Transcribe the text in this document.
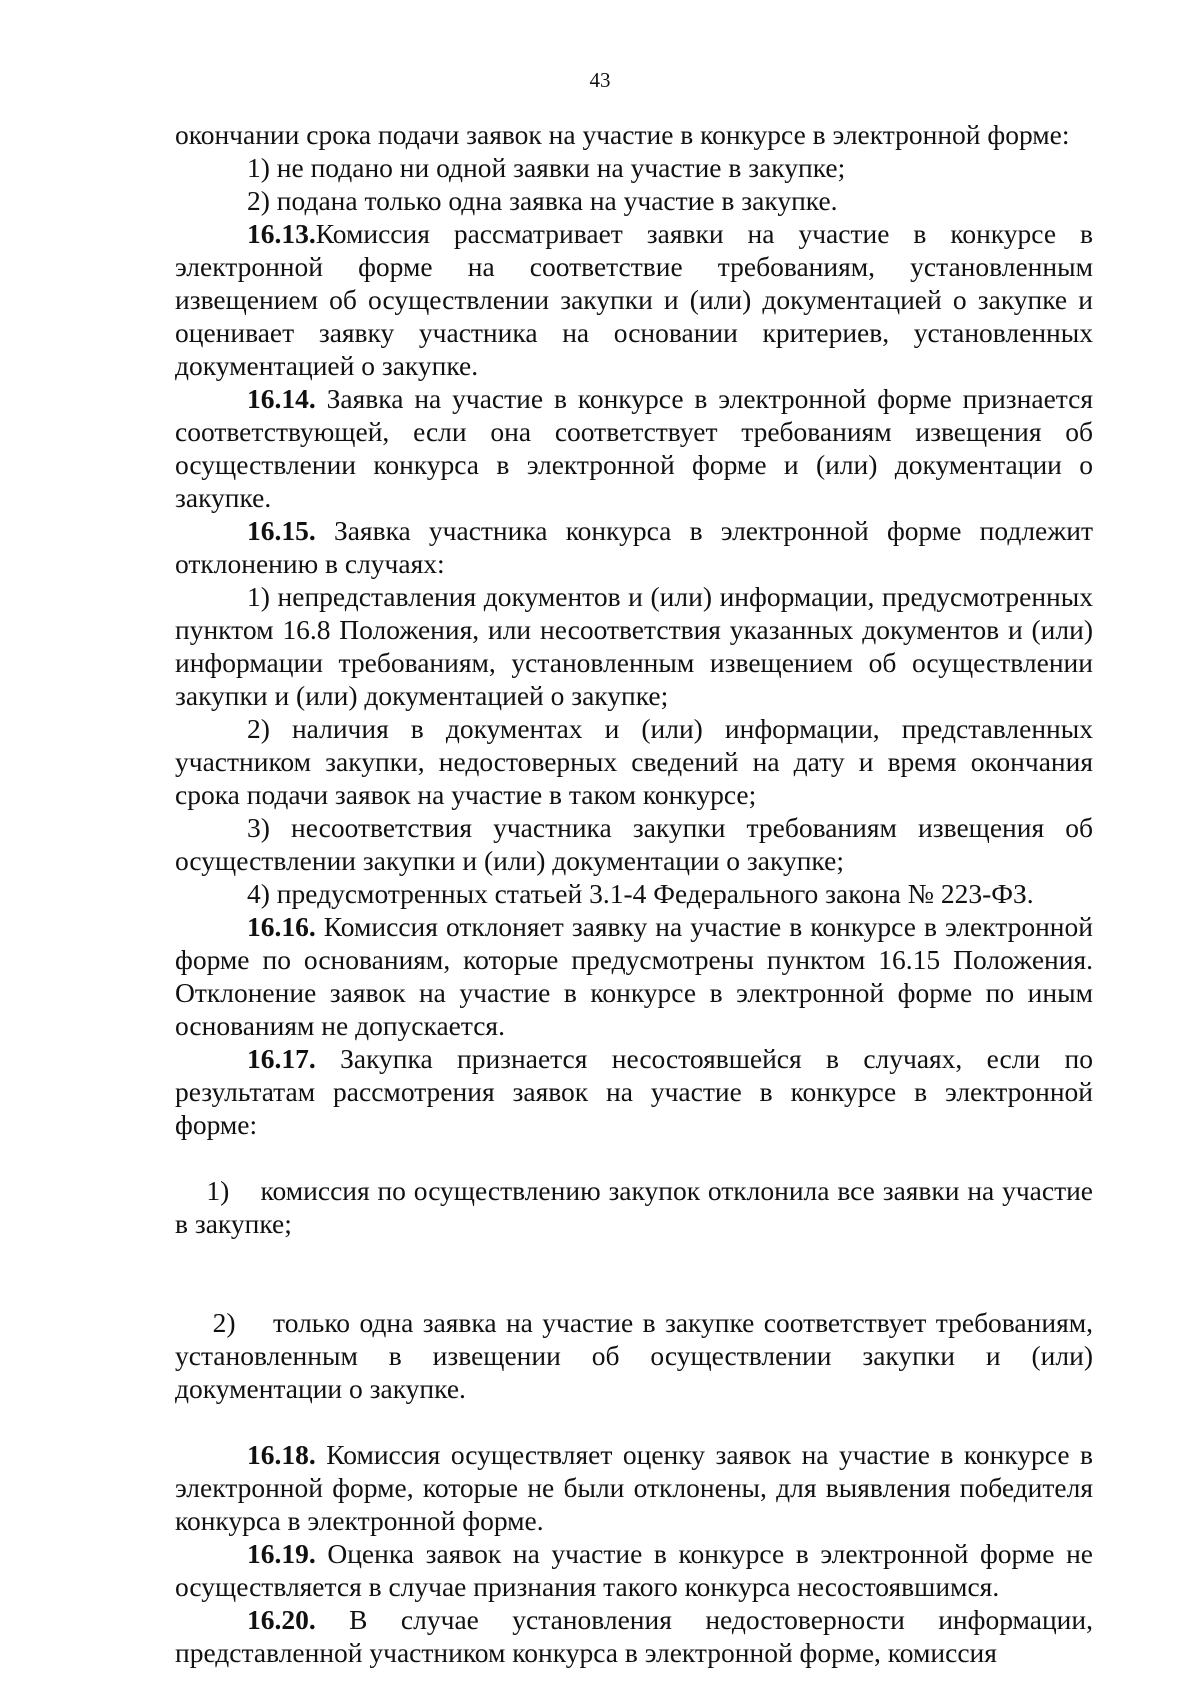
43

окончании срока подачи заявок на участие в конкурсе в электронной форме:

1) не подано ни одной заявки на участие в закупке;

2) подана только одна заявка на участие в закупке.

16.13.Комиссия рассматривает заявки на участие в конкурсе в электронной форме на соответствие требованиям, установленным извещением об осуществлении закупки и (или) документацией о закупке и оценивает заявку участника на основании критериев, установленных документацией о закупке.

16.14. Заявка на участие в конкурсе в электронной форме признается соответствующей, если она соответствует требованиям извещения об осуществлении конкурса в электронной форме и (или) документации о закупке.

16.15. Заявка участника конкурса в электронной форме подлежит отклонению в случаях:

1) непредставления документов и (или) информации, предусмотренных пунктом 16.8 Положения, или несоответствия указанных документов и (или) информации требованиям, установленным извещением об осуществлении закупки и (или) документацией о закупке;

2) наличия в документах и (или) информации, представленных участником закупки, недостоверных сведений на дату и время окончания срока подачи заявок на участие в таком конкурсе;

3) несоответствия участника закупки требованиям извещения об осуществлении закупки и (или) документации о закупке;

4) предусмотренных статьей 3.1-4 Федерального закона № 223-ФЗ.

16.16. Комиссия отклоняет заявку на участие в конкурсе в электронной форме по основаниям, которые предусмотрены пунктом 16.15 Положения. Отклонение заявок на участие в конкурсе в электронной форме по иным основаниям не допускается.

16.17. Закупка признается несостоявшейся в случаях, если по результатам рассмотрения заявок на участие в конкурсе в электронной форме:

1)    комиссия по осуществлению закупок отклонила все заявки на участие в закупке;

2)    только одна заявка на участие в закупке соответствует требованиям, установленным в извещении об осуществлении закупки и (или) документации о закупке.

16.18. Комиссия осуществляет оценку заявок на участие в конкурсе в электронной форме, которые не были отклонены, для выявления победителя конкурса в электронной форме.

16.19. Оценка заявок на участие в конкурсе в электронной форме не осуществляется в случае признания такого конкурса несостоявшимся.

16.20. В случае установления недостоверности информации, представленной участником конкурса в электронной форме, комиссия
